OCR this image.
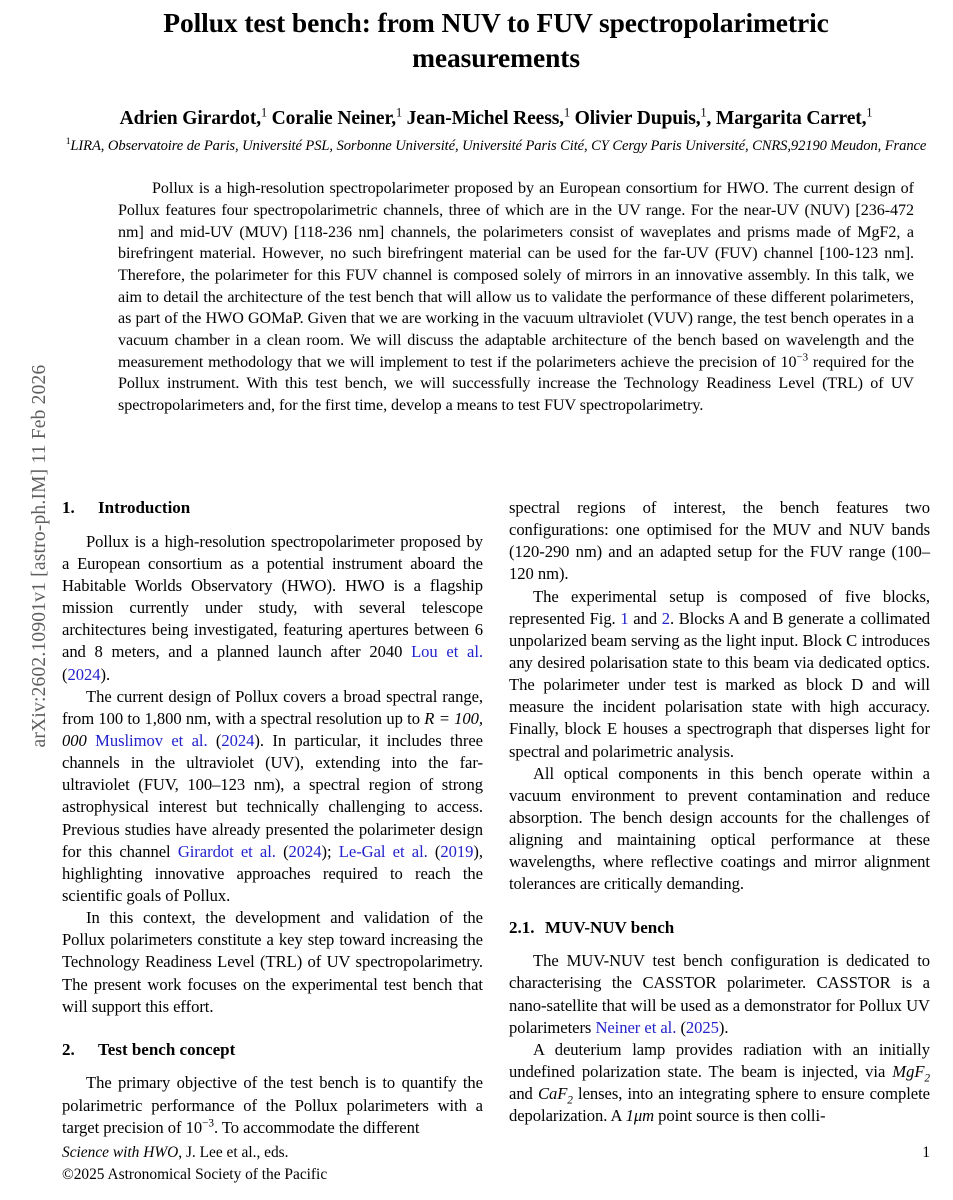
arXiv:2602.10901v1 [astro-ph.IM] 11 Feb 2026
Pollux test bench: from NUV to FUV spectropolarimetric
measurements
Adrien Girardot,$^1$ Coralie Neiner,$^1$ Jean-Michel Reess,$^1$ Olivier Dupuis,$^1$, Margarita Carret,$^1$
$^1$LIRA, Observatoire de Paris, Université PSL, Sorbonne Université, Université Paris Cité, CY Cergy Paris Université, CNRS,92190 Meudon, France
Pollux is a high-resolution spectropolarimeter proposed by an European consortium for HWO. The current design of Pollux features four spectropolarimetric channels, three of which are in the UV range. For the near-UV (NUV) [236-472 nm] and mid-UV (MUV) [118-236 nm] channels, the polarimeters consist of waveplates and prisms made of MgF2, a birefringent material. However, no such birefringent material can be used for the far-UV (FUV) channel [100-123 nm]. Therefore, the polarimeter for this FUV channel is composed solely of mirrors in an innovative assembly. In this talk, we aim to detail the architecture of the test bench that will allow us to validate the performance of these different polarimeters, as part of the HWO GOMaP. Given that we are working in the vacuum ultraviolet (VUV) range, the test bench operates in a vacuum chamber in a clean room. We will discuss the adaptable architecture of the bench based on wavelength and the measurement methodology that we will implement to test if the polarimeters achieve the precision of $10^{-3}$ required for the Pollux instrument. With this test bench, we will successfully increase the Technology Readiness Level (TRL) of UV spectropolarimeters and, for the first time, develop a means to test FUV spectropolarimetry.
1. Introduction

Pollux is a high-resolution spectropolarimeter proposed by a European consortium as a potential instrument aboard the Habitable Worlds Observatory (HWO). HWO is a flagship mission currently under study, with several telescope architectures being investigated, featuring apertures between 6 and 8 meters, and a planned launch after 2040 Lou et al. (2024).

The current design of Pollux covers a broad spectral range, from 100 to 1,800 nm, with a spectral resolution up to R = 100, 000 Muslimov et al. (2024). In particular, it includes three channels in the ultraviolet (UV), extending into the far-ultraviolet (FUV, 100–123 nm), a spectral region of strong astrophysical interest but technically challenging to access. Previous studies have already presented the polarimeter design for this channel Girardot et al. (2024); Le-Gal et al. (2019), highlighting innovative approaches required to reach the scientific goals of Pollux.

In this context, the development and validation of the Pollux polarimeters constitute a key step toward increasing the Technology Readiness Level (TRL) of UV spectropolarimetry. The present work focuses on the experimental test bench that will support this effort.

2. Test bench concept

The primary objective of the test bench is to quantify the polarimetric performance of the Pollux polarimeters with a target precision of $10^{-3}$. To accommodate the different

spectral regions of interest, the bench features two configurations: one optimised for the MUV and NUV bands (120-290 nm) and an adapted setup for the FUV range (100–120 nm).

The experimental setup is composed of five blocks, represented Fig. 1 and 2. Blocks A and B generate a collimated unpolarized beam serving as the light input. Block C introduces any desired polarisation state to this beam via dedicated optics. The polarimeter under test is marked as block D and will measure the incident polarisation state with high accuracy. Finally, block E houses a spectrograph that disperses light for spectral and polarimetric analysis.

All optical components in this bench operate within a vacuum environment to prevent contamination and reduce absorption. The bench design accounts for the challenges of aligning and maintaining optical performance at these wavelengths, where reflective coatings and mirror alignment tolerances are critically demanding.

2.1. MUV-NUV bench

The MUV-NUV test bench configuration is dedicated to characterising the CASSTOR polarimeter. CASSTOR is a nano-satellite that will be used as a demonstrator for Pollux UV polarimeters Neiner et al. (2025).

A deuterium lamp provides radiation with an initially undefined polarization state. The beam is injected, via MgF$_2$ and CaF$_2$ lenses, into an integrating sphere to ensure complete depolarization. A 1μm point source is then colli-

Science with HWO, J. Lee et al., eds.
©2025 Astronomical Society of the Pacific
1
